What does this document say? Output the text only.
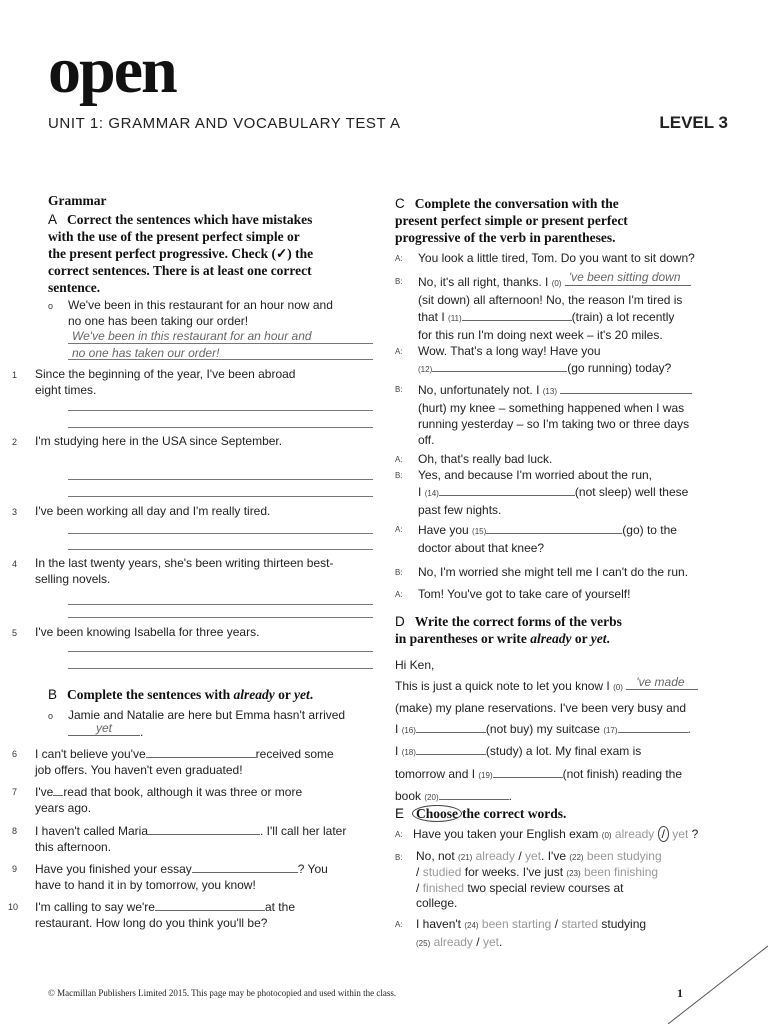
open
UNIT 1: GRAMMAR AND VOCABULARY TEST A	LEVEL 3
Grammar
A Correct the sentences which have mistakes
with the use of the present perfect simple or
the present perfect progressive. Check (✓) the
correct sentences. There is at least one correct
sentence.
o We've been in this restaurant for an hour now and
no one has been taking our order!
We've been in this restaurant for an hour and
no one has taken our order!
1 Since the beginning of the year, I've been abroad
eight times.
2 I'm studying here in the USA since September.
3 I've been working all day and I'm really tired.
4 In the last twenty years, she's been writing thirteen best-
selling novels.
5 I've been knowing Isabella for three years.
B Complete the sentences with already or yet.
o Jamie and Natalie are here but Emma hasn't arrived
yet .
6 I can't believe you've	received some
job offers. You haven't even graduated!
7 I've read that book, although it was three or more
years ago.
8 I haven't called Maria	. I'll call her later
this afternoon.
9 Have you finished your essay	? You
have to hand it in by tomorrow, you know!
10 I'm calling to say we're	at the
restaurant. How long do you think you'll be?
C Complete the conversation with the
present perfect simple or present perfect
progressive of the verb in parentheses.
A: You look a little tired, Tom. Do you want to sit down?
B: No, it's all right, thanks. I (0) 've been sitting down
(sit down) all afternoon! No, the reason I'm tired is
that I (11)	(train) a lot recently
for this run I'm doing next week – it's 20 miles.
A: Wow. That's a long way! Have you
(12)	(go running) today?
B: No, unfortunately not. I (13)
(hurt) my knee – something happened when I was
running yesterday – so I'm taking two or three days
off.
A: Oh, that's really bad luck.
B: Yes, and because I'm worried about the run,
I (14)	(not sleep) well these
past few nights.
A: Have you (15)	(go) to the
doctor about that knee?
B: No, I'm worried she might tell me I can't do the run.
A: Tom! You've got to take care of yourself!
D Write the correct forms of the verbs
in parentheses or write already or yet.
Hi Ken,
This is just a quick note to let you know I (0) 've made
(make) my plane reservations. I've been very busy and
I (16)	(not buy) my suitcase (17)	.
I (18)	(study) a lot. My final exam is
tomorrow and I (19)	(not finish) reading the
book (20)	.
E Choose the correct words.
A: Have you taken your English exam (0) already / yet ?
B: No, not (21) already / yet. I've (22) been studying
/ studied for weeks. I've just (23) been finishing
/ finished two special review courses at
college.
A: I haven't (24) been starting / started studying
(25) already / yet.
© Macmillan Publishers Limited 2015. This page may be photocopied and used within the class.	1
